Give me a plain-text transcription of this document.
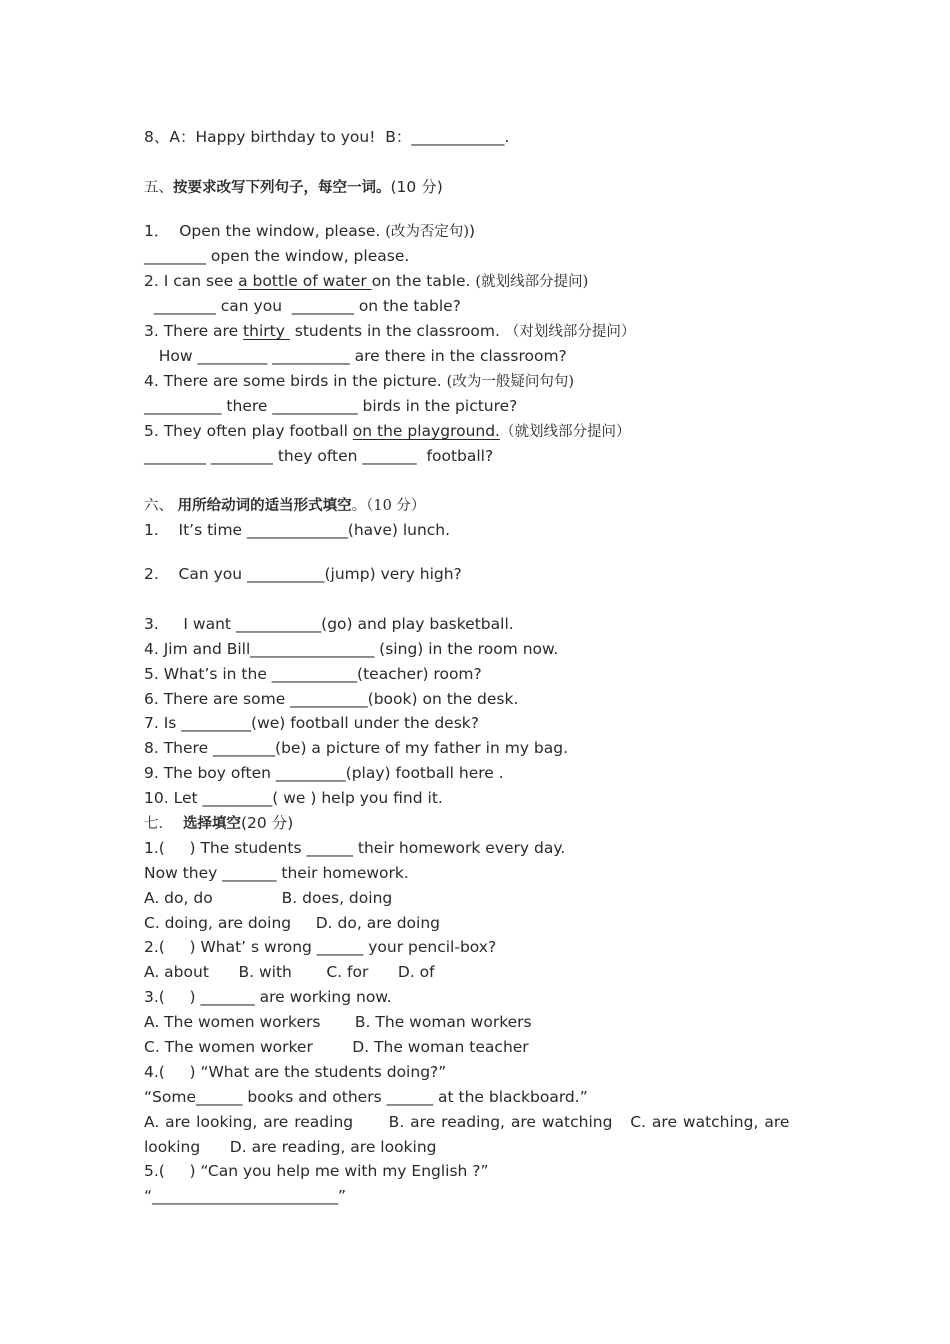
8、A：Happy birthday to you!  B：____________.
五、按要求改写下列句子，每空一词。(10 分)
1．  Open the window, please. (改为否定句))
________ open the window, please.
2. I can see a bottle of water on the table. (就划线部分提问)
________ can you  ________ on the table?
3. There are thirty  students in the classroom. （对划线部分提问）
How _________ __________ are there in the classroom?
4. There are some birds in the picture. (改为一般疑问句句)
__________ there ___________ birds in the picture?
5. They often play football on the playground.（就划线部分提问）
________ ________ they often _______  football?
六、 用所给动词的适当形式填空。（10 分）
1.    It’s time _____________(have) lunch.
2.    Can you __________(jump) very high?
3.     I want ___________(go) and play basketball.
4. Jim and Bill________________ (sing) in the room now.
5. What’s in the ___________(teacher) room?
6. There are some __________(book) on the desk.
7. Is _________(we) football under the desk?
8. There ________(be) a picture of my father in my bag.
9. The boy often _________(play) football here .
10. Let _________( we ) help you find it.
七． 选择填空(20 分)
1.(     ) The students ______ their homework every day.
Now they _______ their homework.
A. do, do              B. does, doing
C. doing, are doing     D. do, are doing
2.(     ) What’ s wrong ______ your pencil-box?
A. about      B. with       C. for      D. of
3.(     ) _______ are working now.
A. The women workers       B. The woman workers
C. The women worker        D. The woman teacher
4.(     ) “What are the students doing?”
“Some______ books and others ______ at the blackboard.”
A. are looking, are reading      B. are reading, are watching   C. are watching, are
looking      D. are reading, are looking
5.(     ) “Can you help me with my English ?”
“________________________”
